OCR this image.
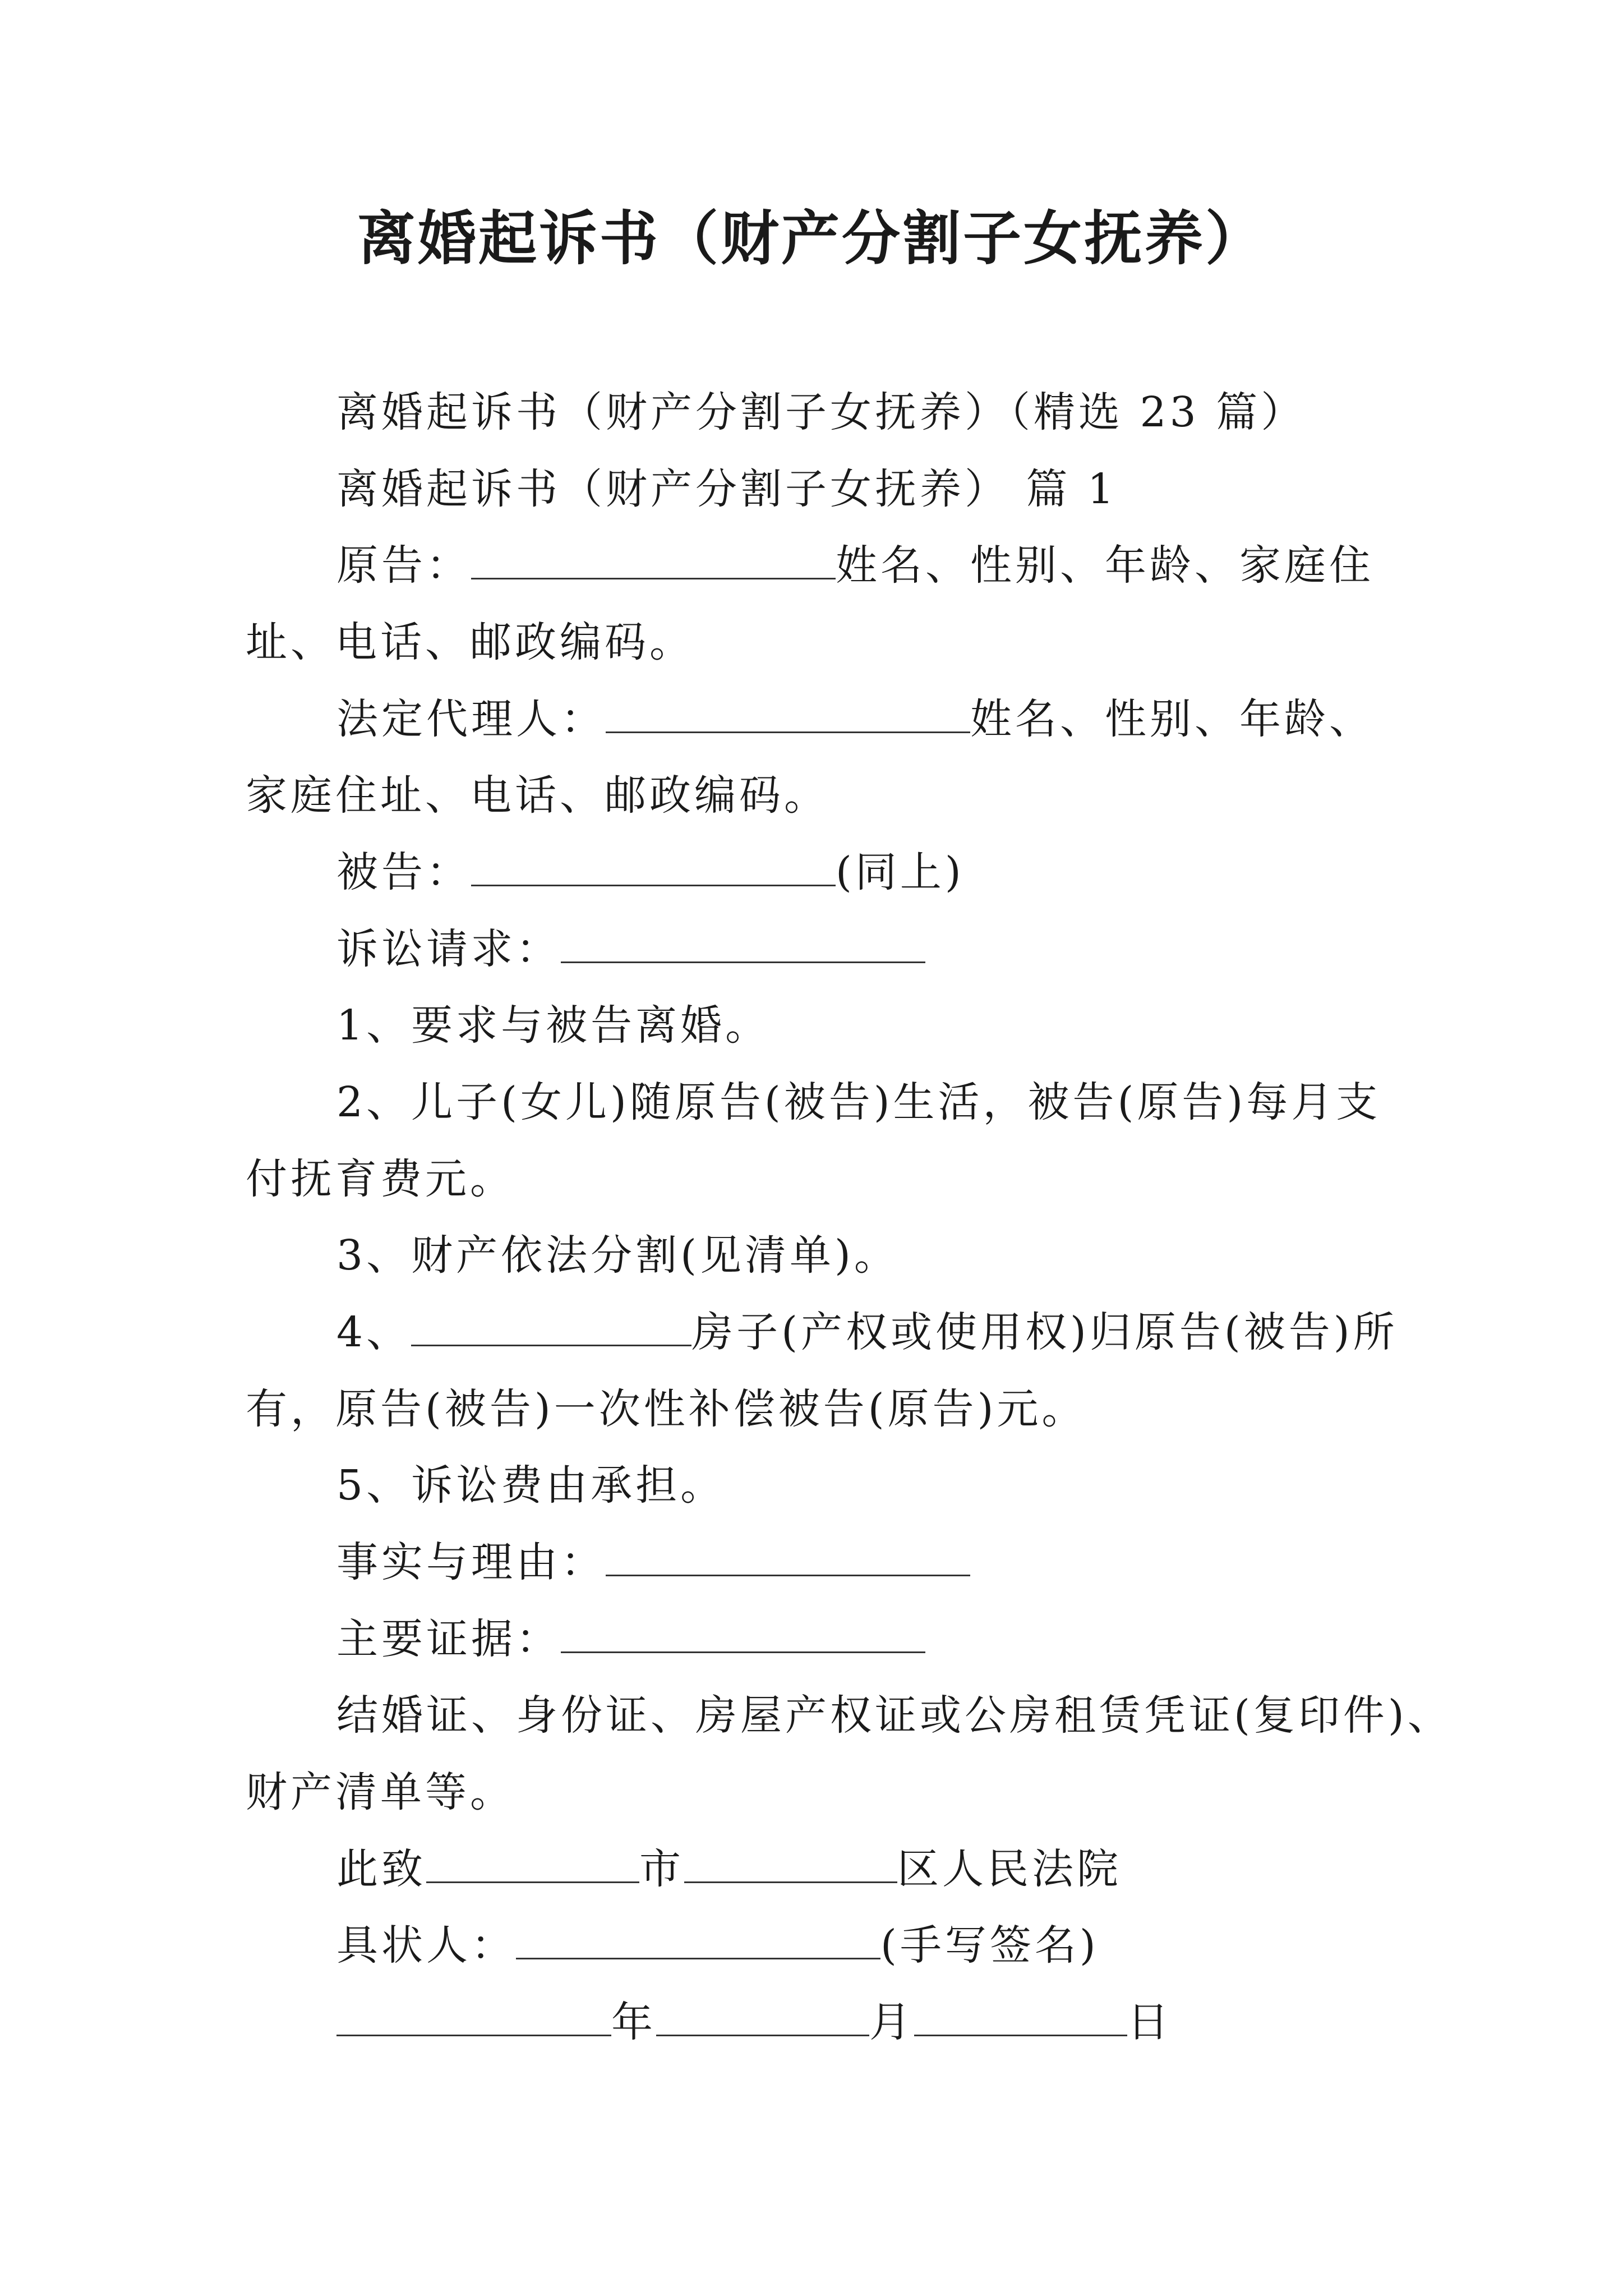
离婚起诉书（财产分割子女抚养）
离婚起诉书（财产分割子女抚养）（精选 23 篇）
离婚起诉书（财产分割子女抚养） 篇 1
原告：	姓名、性别、年龄、家庭住
址、电话、邮政编码。
法定代理人：	姓名、性别、年龄、
家庭住址、电话、邮政编码。
被告：	(同上)
诉讼请求：
1、要求与被告离婚。
2、儿子(女儿)随原告(被告)生活，被告(原告)每月支
付抚育费元。
3、财产依法分割(见清单)。
4、	房子(产权或使用权)归原告(被告)所
有，原告(被告)一次性补偿被告(原告)元。
5、诉讼费由承担。
事实与理由：
主要证据：
结婚证、身份证、房屋产权证或公房租赁凭证(复印件)、
财产清单等。
此致	市	区人民法院
具状人：	(手写签名)
年	月	日
